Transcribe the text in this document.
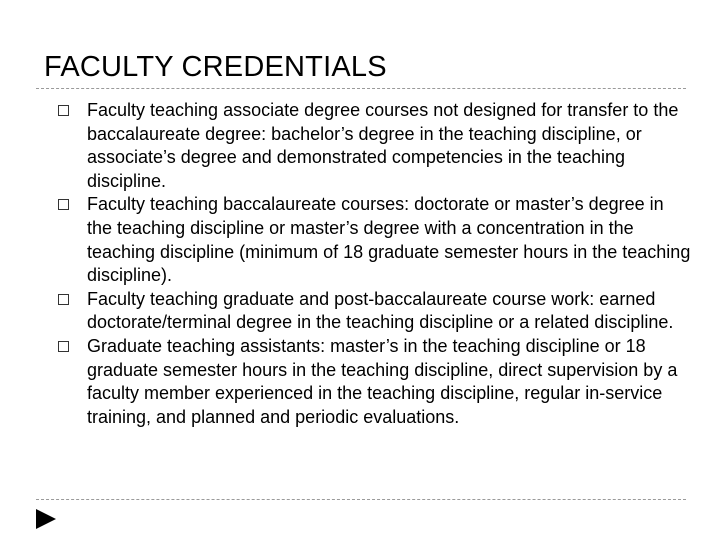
FACULTY CREDENTIALS
Faculty teaching associate degree courses not designed for transfer to the baccalaureate degree: bachelor’s degree in the teaching discipline, or associate’s degree and demonstrated competencies in the teaching discipline.
Faculty teaching baccalaureate courses: doctorate or master’s degree in the teaching discipline or master’s degree with a concentration in the teaching discipline (minimum of 18 graduate semester hours in the teaching discipline).
Faculty teaching graduate and post-baccalaureate course work: earned doctorate/terminal degree in the teaching discipline or a related discipline.
Graduate teaching assistants: master’s in the teaching discipline or 18 graduate semester hours in the teaching discipline, direct supervision by a faculty member experienced in the teaching discipline, regular in-service training, and planned and periodic evaluations.
